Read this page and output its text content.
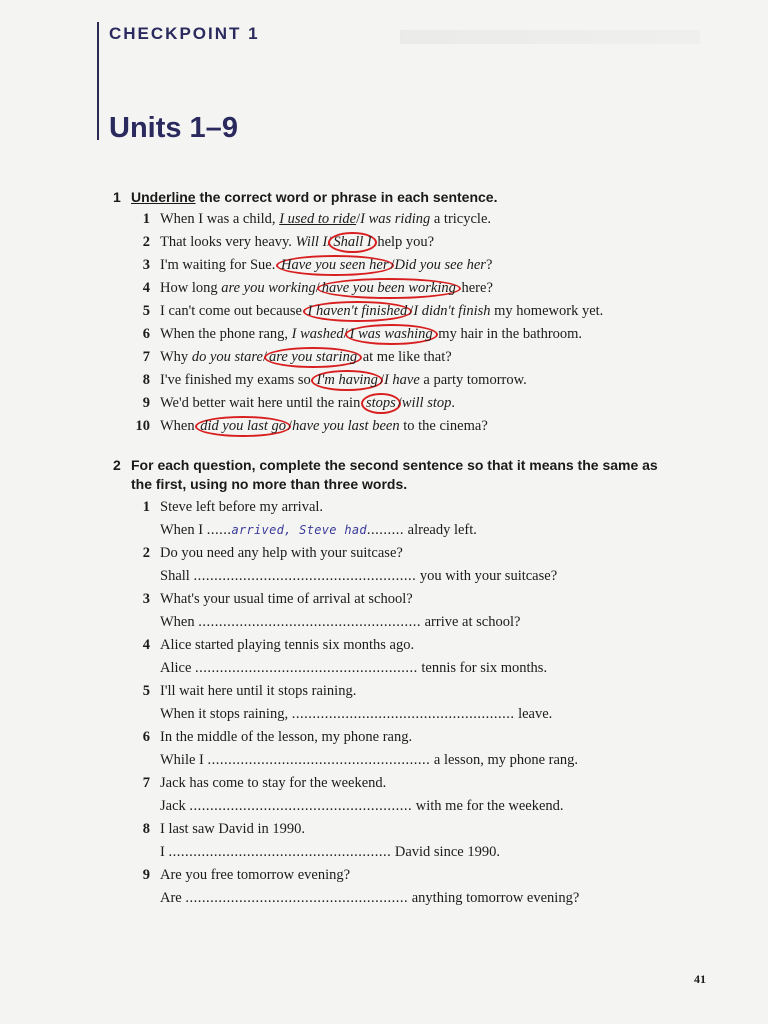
CHECKPOINT 1
Units 1–9
1 Underline the correct word or phrase in each sentence.
1 When I was a child, I used to ride/I was riding a tricycle.
2 That looks very heavy. Will I/ Shall I help you?
3 I'm waiting for Sue. Have you seen her /Did you see her?
4 How long are you working/ have you been working here?
5 I can't come out because I haven't finished /I didn't finish my homework yet.
6 When the phone rang, I washed/ I was washing my hair in the bathroom.
7 Why do you stare/ are you staring at me like that?
8 I've finished my exams so I'm having /I have a party tomorrow.
9 We'd better wait here until the rain stops /will stop.
10 When did you last go /have you last been to the cinema?
2 For each question, complete the second sentence so that it means the same as
the first, using no more than three words.
1 Steve left before my arrival.
When I ......arrived, Steve had......... already left.
2 Do you need any help with your suitcase?
Shall ...................................................... you with your suitcase?
3 What's your usual time of arrival at school?
When ...................................................... arrive at school?
4 Alice started playing tennis six months ago.
Alice ...................................................... tennis for six months.
5 I'll wait here until it stops raining.
When it stops raining, ...................................................... leave.
6 In the middle of the lesson, my phone rang.
While I ...................................................... a lesson, my phone rang.
7 Jack has come to stay for the weekend.
Jack ...................................................... with me for the weekend.
8 I last saw David in 1990.
I ...................................................... David since 1990.
9 Are you free tomorrow evening?
Are ...................................................... anything tomorrow evening?
41
